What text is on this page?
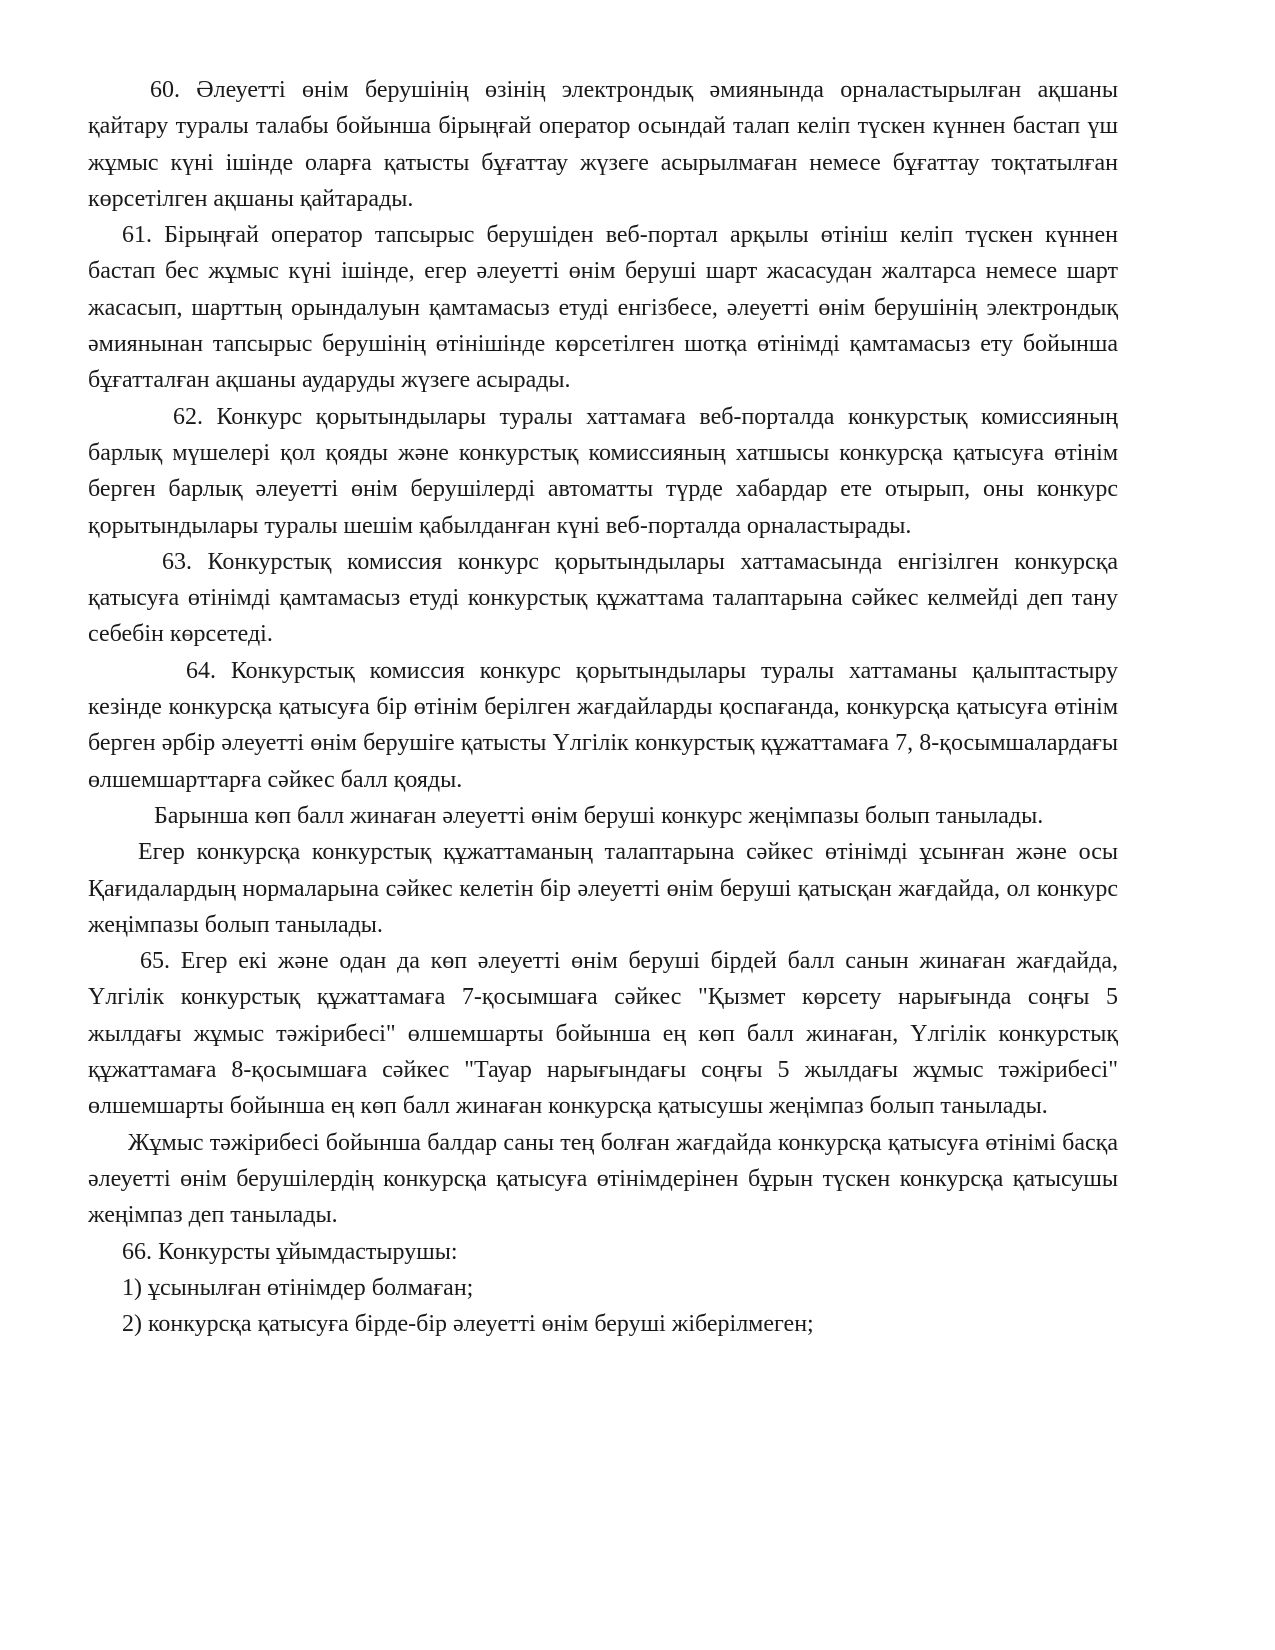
60. Әлеуетті өнім берушінің өзінің электрондық әмиянында орналастырылған ақшаны қайтару туралы талабы бойынша бірыңғай оператор осындай талап келіп түскен күннен бастап үш жұмыс күні ішінде оларға қатысты бұғаттау жүзеге асырылмаған немесе бұғаттау тоқтатылған көрсетілген ақшаны қайтарады.

61. Бірыңғай оператор тапсырыс берушіден веб-портал арқылы өтініш келіп түскен күннен бастап бес жұмыс күні ішінде, егер әлеуетті өнім беруші шарт жасасудан жалтарса немесе шарт жасасып, шарттың орындалуын қамтамасыз етуді енгізбесе, әлеуетті өнім берушінің электрондық әмиянынан тапсырыс берушінің өтінішінде көрсетілген шотқа өтінімді қамтамасыз ету бойынша бұғатталған ақшаны аударуды жүзеге асырады.

62. Конкурс қорытындылары туралы хаттамаға веб-порталда конкурстық комиссияның барлық мүшелері қол қояды және конкурстық комиссияның хатшысы конкурсқа қатысуға өтінім берген барлық әлеуетті өнім берушілерді автоматты түрде хабардар ете отырып, оны конкурс қорытындылары туралы шешім қабылданған күні веб-порталда орналастырады.

63. Конкурстық комиссия конкурс қорытындылары хаттамасында енгізілген конкурсқа қатысуға өтінімді қамтамасыз етуді конкурстық құжаттама талаптарына сәйкес келмейді деп тану себебін көрсетеді.

64. Конкурстық комиссия конкурс қорытындылары туралы хаттаманы қалыптастыру кезінде конкурсқа қатысуға бір өтінім берілген жағдайларды қоспағанда, конкурсқа қатысуға өтінім берген әрбір әлеуетті өнім берушіге қатысты Үлгілік конкурстық құжаттамаға 7, 8-қосымшалардағы өлшемшарттарға сәйкес балл қояды.

Барынша көп балл жинаған әлеуетті өнім беруші конкурс жеңімпазы болып танылады.

Егер конкурсқа конкурстық құжаттаманың талаптарына сәйкес өтінімді ұсынған және осы Қағидалардың нормаларына сәйкес келетін бір әлеуетті өнім беруші қатысқан жағдайда, ол конкурс жеңімпазы болып танылады.

65. Егер екі және одан да көп әлеуетті өнім беруші бірдей балл санын жинаған жағдайда, Үлгілік конкурстық құжаттамаға 7-қосымшаға сәйкес "Қызмет көрсету нарығында соңғы 5 жылдағы жұмыс тәжірибесі" өлшемшарты бойынша ең көп балл жинаған, Үлгілік конкурстық құжаттамаға 8-қосымшаға сәйкес "Тауар нарығындағы соңғы 5 жылдағы жұмыс тәжірибесі" өлшемшарты бойынша ең көп балл жинаған конкурсқа қатысушы жеңімпаз болып танылады.

Жұмыс тәжірибесі бойынша балдар саны тең болған жағдайда конкурсқа қатысуға өтінімі басқа әлеуетті өнім берушілердің конкурсқа қатысуға өтінімдерінен бұрын түскен конкурсқа қатысушы жеңімпаз деп танылады.

66. Конкурсты ұйымдастырушы:

1) ұсынылған өтінімдер болмаған;

2) конкурсқа қатысуға бірде-бір әлеуетті өнім беруші жіберілмеген;
